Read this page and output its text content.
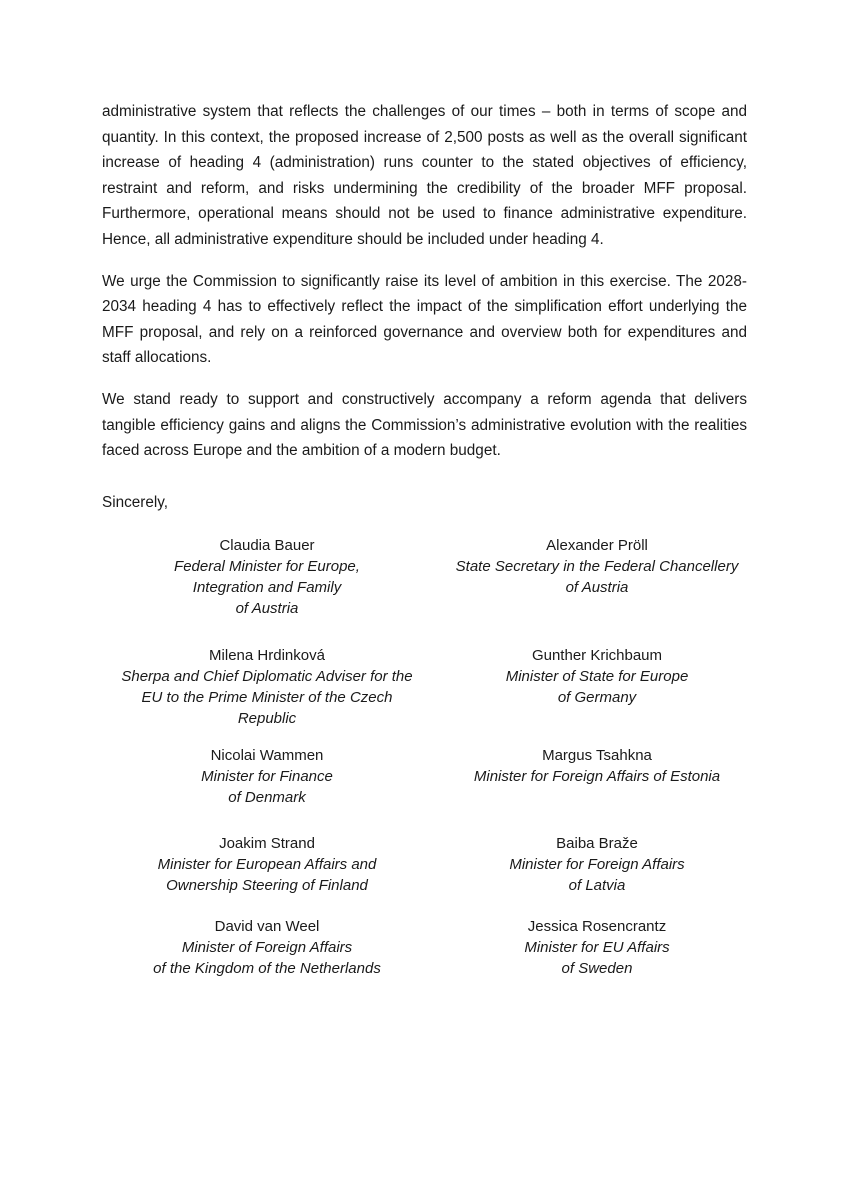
administrative system that reflects the challenges of our times – both in terms of scope and quantity. In this context, the proposed increase of 2,500 posts as well as the overall significant increase of heading 4 (administration) runs counter to the stated objectives of efficiency, restraint and reform, and risks undermining the credibility of the broader MFF proposal. Furthermore, operational means should not be used to finance administrative expenditure. Hence, all administrative expenditure should be included under heading 4.

We urge the Commission to significantly raise its level of ambition in this exercise. The 2028-2034 heading 4 has to effectively reflect the impact of the simplification effort underlying the MFF proposal, and rely on a reinforced governance and overview both for expenditures and staff allocations.

We stand ready to support and constructively accompany a reform agenda that delivers tangible efficiency gains and aligns the Commission’s administrative evolution with the realities faced across Europe and the ambition of a modern budget.

Sincerely,
Claudia Bauer
Federal Minister for Europe,
Integration and Family
of Austria
Alexander Pröll
State Secretary in the Federal Chancellery
of Austria
Milena Hrdinková
Sherpa and Chief Diplomatic Adviser for the
EU to the Prime Minister of the Czech
Republic
Gunther Krichbaum
Minister of State for Europe
of Germany
Nicolai Wammen
Minister for Finance
of Denmark
Margus Tsahkna
Minister for Foreign Affairs of Estonia
Joakim Strand
Minister for European Affairs and
Ownership Steering of Finland
Baiba Braže
Minister for Foreign Affairs
of Latvia
David van Weel
Minister of Foreign Affairs
of the Kingdom of the Netherlands
Jessica Rosencrantz
Minister for EU Affairs
of Sweden
